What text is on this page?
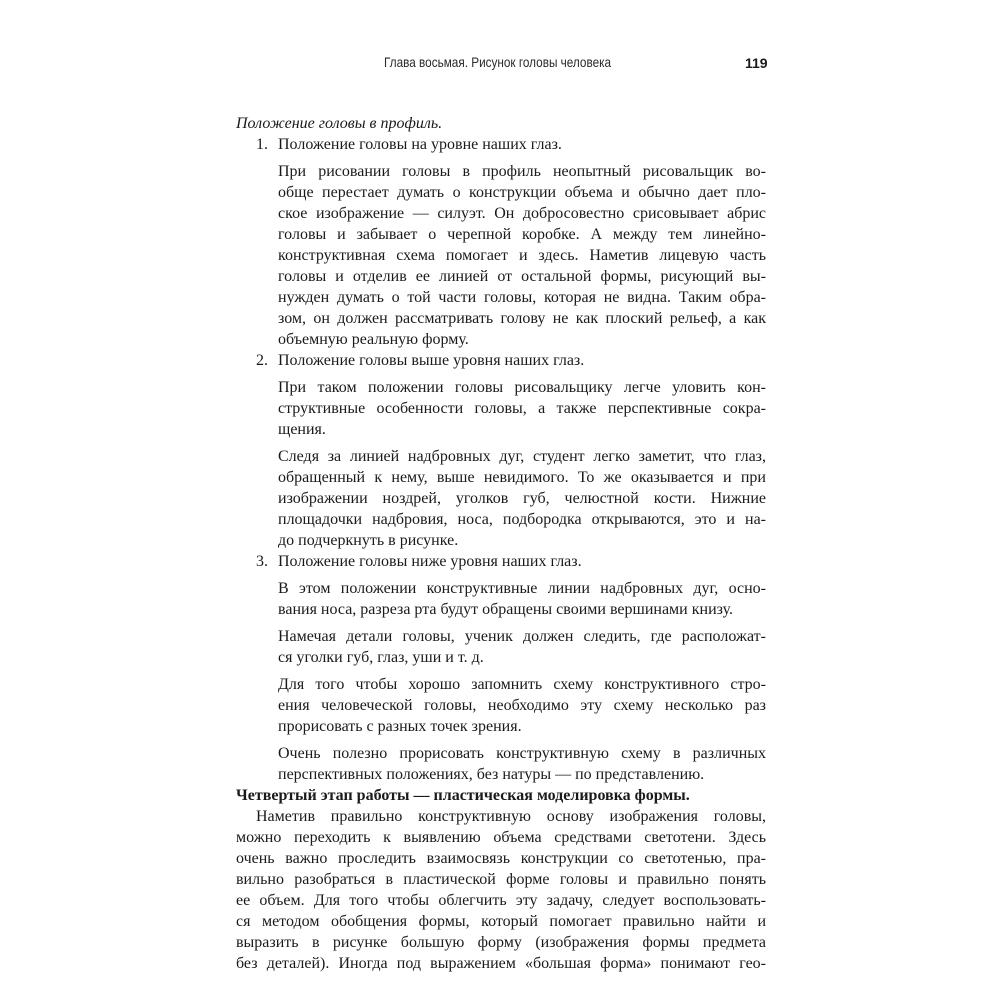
Глава восьмая. Рисунок головы человека	119
Положение головы в профиль.
1. Положение головы на уровне наших глаз.
При рисовании головы в профиль неопытный рисовальщик во-
обще перестает думать о конструкции объема и обычно дает пло-
ское изображение — силуэт. Он добросовестно срисовывает абрис
головы и забывает о черепной коробке. А между тем линейно-
конструктивная схема помогает и здесь. Наметив лицевую часть
головы и отделив ее линией от остальной формы, рисующий вы-
нужден думать о той части головы, которая не видна. Таким обра-
зом, он должен рассматривать голову не как плоский рельеф, а как
объемную реальную форму.
2. Положение головы выше уровня наших глаз.
При таком положении головы рисовальщику легче уловить кон-
структивные особенности головы, а также перспективные сокра-
щения.
Следя за линией надбровных дуг, студент легко заметит, что глаз,
обращенный к нему, выше невидимого. То же оказывается и при
изображении ноздрей, уголков губ, челюстной кости. Нижние
площадочки надбровия, носа, подбородка открываются, это и на-
до подчеркнуть в рисунке.
3. Положение головы ниже уровня наших глаз.
В этом положении конструктивные линии надбровных дуг, осно-
вания носа, разреза рта будут обращены своими вершинами книзу.
Намечая детали головы, ученик должен следить, где расположат-
ся уголки губ, глаз, уши и т. д.
Для того чтобы хорошо запомнить схему конструктивного стро-
ения человеческой головы, необходимо эту схему несколько раз
прорисовать с разных точек зрения.
Очень полезно прорисовать конструктивную схему в различных
перспективных положениях, без натуры — по представлению.
Четвертый этап работы — пластическая моделировка формы.
Наметив правильно конструктивную основу изображения головы,
можно переходить к выявлению объема средствами светотени. Здесь
очень важно проследить взаимосвязь конструкции со светотенью, пра-
вильно разобраться в пластической форме головы и правильно понять
ее объем. Для того чтобы облегчить эту задачу, следует воспользовать-
ся методом обобщения формы, который помогает правильно найти и
выразить в рисунке большую форму (изображения формы предмета
без деталей). Иногда под выражением «большая форма» понимают гео-
